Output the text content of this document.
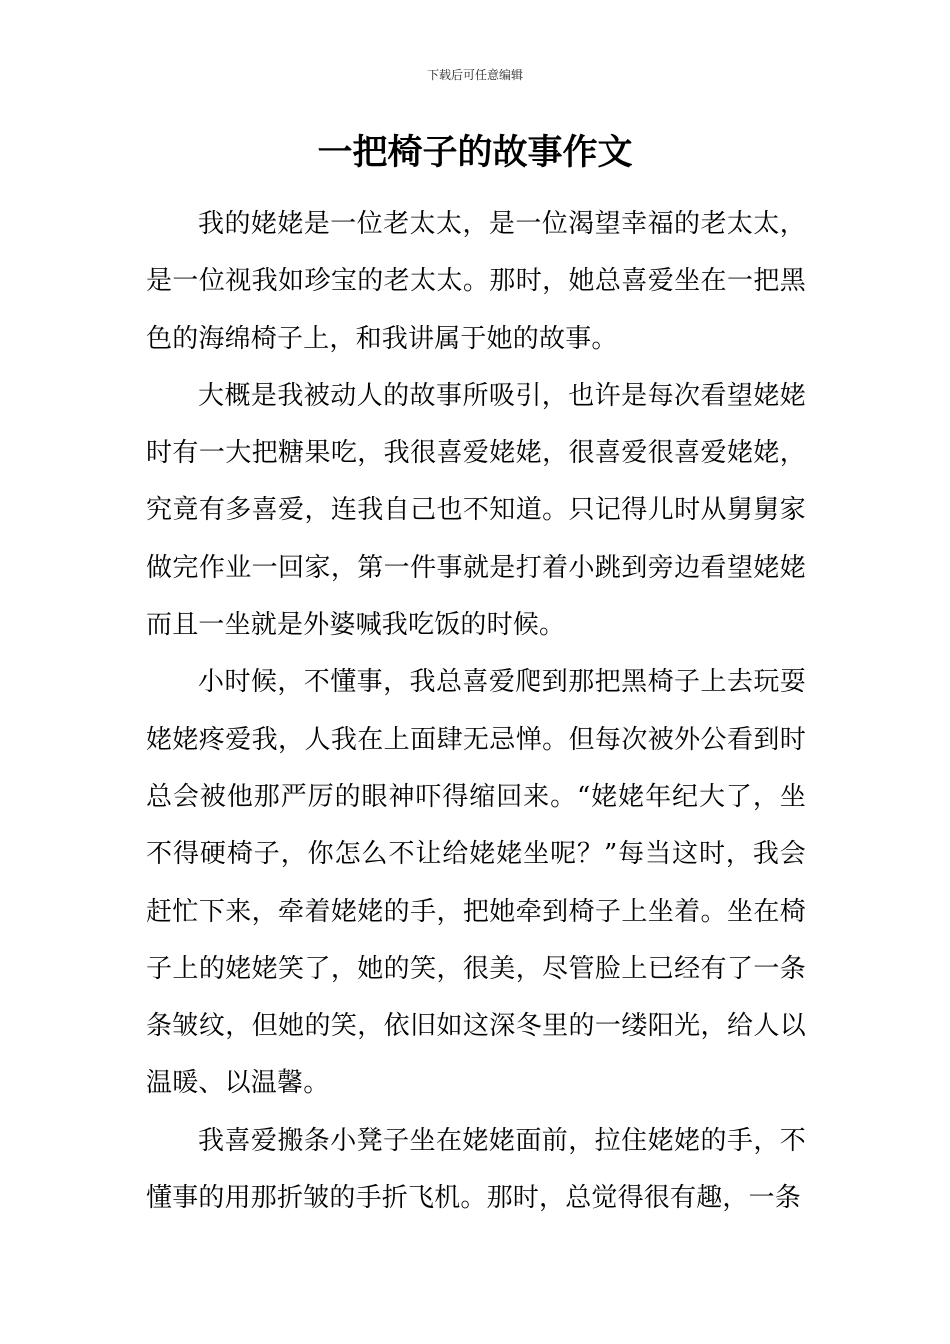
下载后可任意编辑
一把椅子的故事作文

我的姥姥是一位老太太，是一位渴望幸福的老太太，是一位视我如珍宝的老太太。那时，她总喜爱坐在一把黑色的海绵椅子上，和我讲属于她的故事。

大概是我被动人的故事所吸引，也许是每次看望姥姥时有一大把糖果吃，我很喜爱姥姥，很喜爱很喜爱姥姥，究竟有多喜爱，连我自己也不知道。只记得儿时从舅舅家做完作业一回家，第一件事就是打着小跳到旁边看望姥姥而且一坐就是外婆喊我吃饭的时候。

小时候，不懂事，我总喜爱爬到那把黑椅子上去玩耍姥姥疼爱我，人我在上面肆无忌惮。但每次被外公看到时总会被他那严厉的眼神吓得缩回来。“姥姥年纪大了，坐不得硬椅子，你怎么不让给姥姥坐呢？”每当这时，我会赶忙下来，牵着姥姥的手，把她牵到椅子上坐着。坐在椅子上的姥姥笑了，她的笑，很美，尽管脸上已经有了一条条皱纹，但她的笑，依旧如这深冬里的一缕阳光，给人以温暖、以温馨。

我喜爱搬条小凳子坐在姥姥面前，拉住姥姥的手，不懂事的用那折皱的手折飞机。那时，总觉得很有趣，一条
